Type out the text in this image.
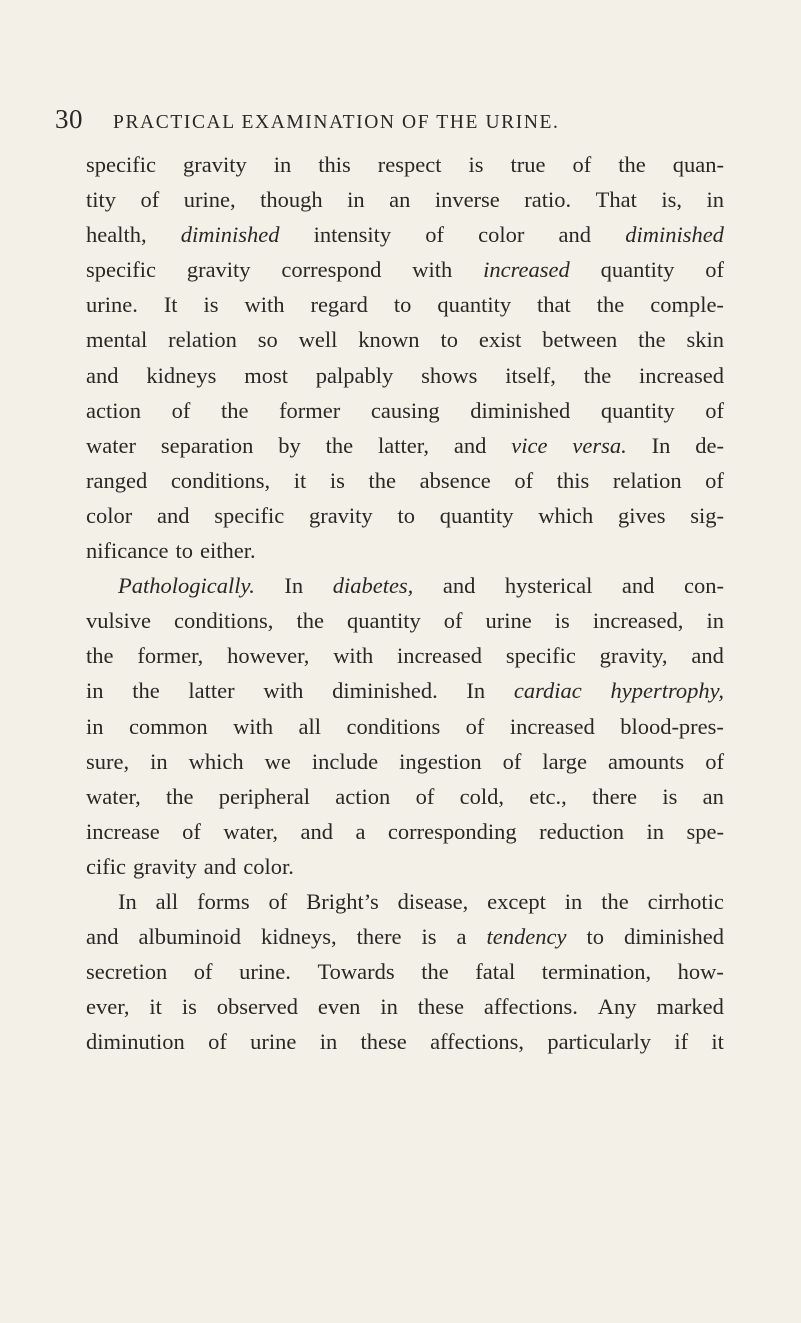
30 PRACTICAL EXAMINATION OF THE URINE.
specific gravity in this respect is true of the quan-
tity of urine, though in an inverse ratio. That is, in
health, diminished intensity of color and diminished
specific gravity correspond with increased quantity of
urine. It is with regard to quantity that the comple-
mental relation so well known to exist between the skin
and kidneys most palpably shows itself, the increased
action of the former causing diminished quantity of
water separation by the latter, and vice versa. In de-
ranged conditions, it is the absence of this relation of
color and specific gravity to quantity which gives sig-
nificance to either.
Pathologically. In diabetes, and hysterical and con-
vulsive conditions, the quantity of urine is increased, in
the former, however, with increased specific gravity, and
in the latter with diminished. In cardiac hypertrophy,
in common with all conditions of increased blood-pres-
sure, in which we include ingestion of large amounts of
water, the peripheral action of cold, etc., there is an
increase of water, and a corresponding reduction in spe-
cific gravity and color.
In all forms of Bright’s disease, except in the cirrhotic
and albuminoid kidneys, there is a tendency to diminished
secretion of urine. Towards the fatal termination, how-
ever, it is observed even in these affections. Any marked
diminution of urine in these affections, particularly if it
